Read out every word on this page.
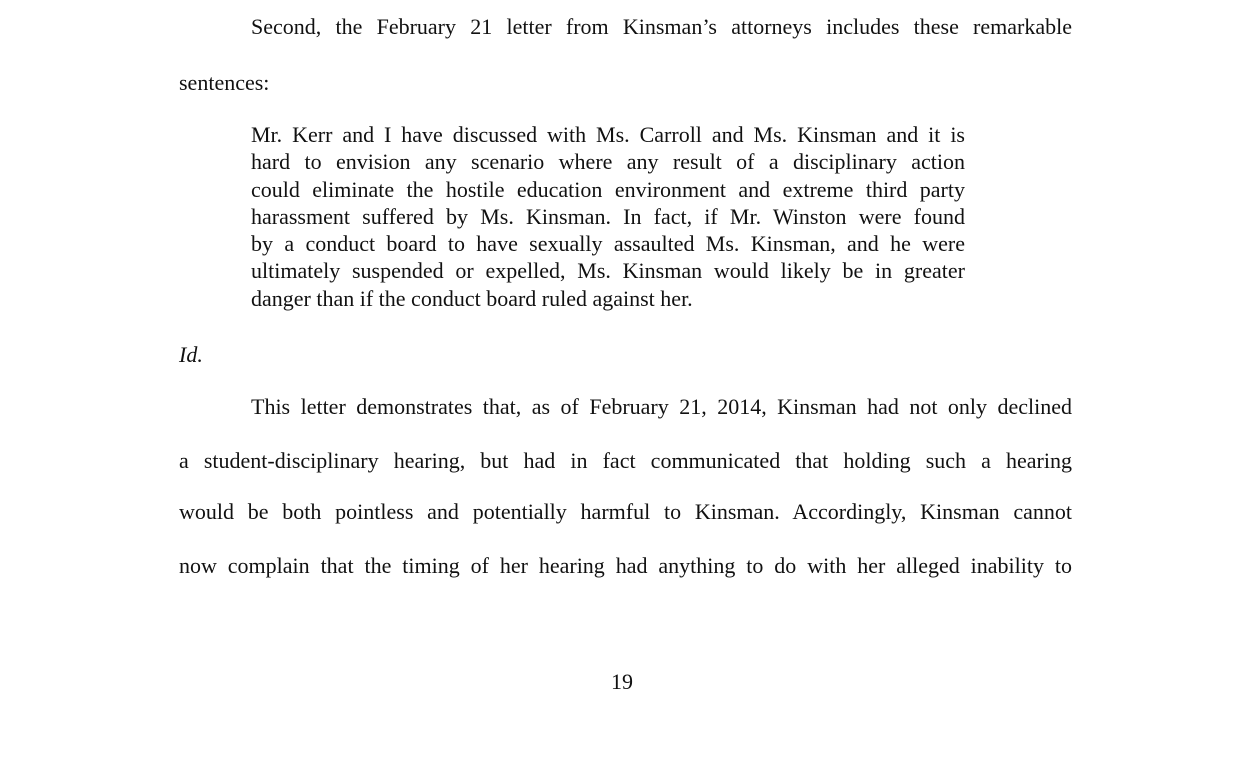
Second, the February 21 letter from Kinsman’s attorneys includes these remarkable
sentences:
Mr. Kerr and I have discussed with Ms. Carroll and Ms. Kinsman and it is
hard to envision any scenario where any result of a disciplinary action
could eliminate the hostile education environment and extreme third party
harassment suffered by Ms. Kinsman. In fact, if Mr. Winston were found
by a conduct board to have sexually assaulted Ms. Kinsman, and he were
ultimately suspended or expelled, Ms. Kinsman would likely be in greater
danger than if the conduct board ruled against her.
Id.
This letter demonstrates that, as of February 21, 2014, Kinsman had not only declined
a student-disciplinary hearing, but had in fact communicated that holding such a hearing
would be both pointless and potentially harmful to Kinsman. Accordingly, Kinsman cannot
now complain that the timing of her hearing had anything to do with her alleged inability to
19
